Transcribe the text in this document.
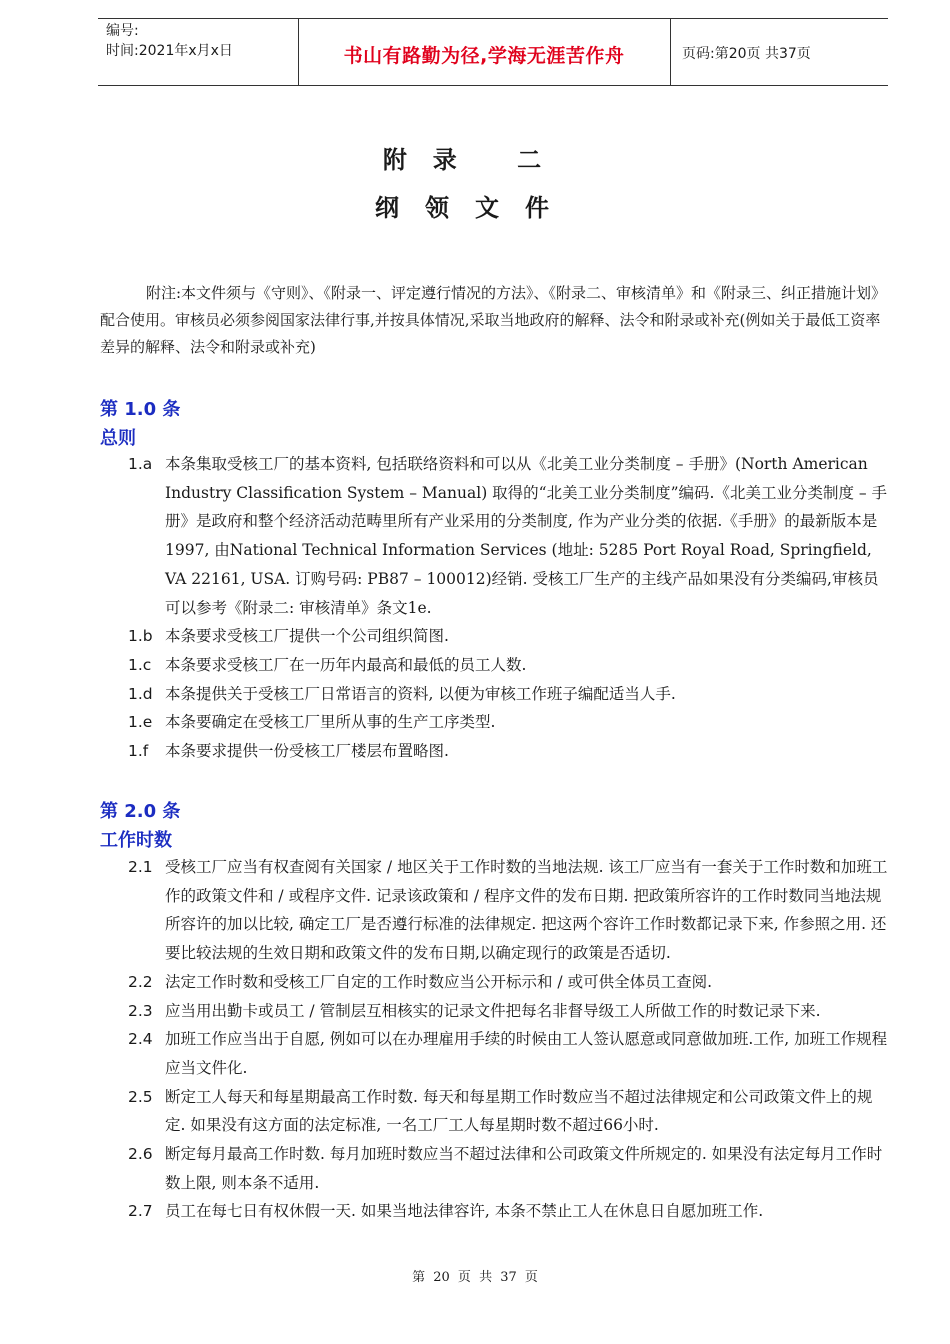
编号:
时间:2021年x月x日	书山有路勤为径,学海无涯苦作舟	页码:第20页 共37页
附录 二
纲领文件
附注:本文件须与《守则》、《附录一、评定遵行情况的方法》、《附录二、审核清单》和《附录三、纠正措施计划》配合使用。审核员必须参阅国家法律行事,并按具体情况,采取当地政府的解释、法令和附录或补充(例如关于最低工资率差异的解释、法令和附录或补充)
第 1.0 条
总则
1.a 本条集取受核工厂的基本资料, 包括联络资料和可以从《北美工业分类制度 – 手册》(North American Industry Classification System – Manual) 取得的“北美工业分类制度”编码.《北美工业分类制度 – 手册》是政府和整个经济活动范畴里所有产业采用的分类制度, 作为产业分类的依据.《手册》的最新版本是1997, 由National Technical Information Services (地址: 5285 Port Royal Road, Springfield, VA 22161, USA. 订购号码: PB87 – 100012)经销. 受核工厂生产的主线产品如果没有分类编码,审核员可以参考《附录二: 审核清单》条文1e.
1.b 本条要求受核工厂提供一个公司组织简图.
1.c 本条要求受核工厂在一历年内最高和最低的员工人数.
1.d 本条提供关于受核工厂日常语言的资料, 以便为审核工作班子编配适当人手.
1.e 本条要确定在受核工厂里所从事的生产工序类型.
1.f	本条要求提供一份受核工厂楼层布置略图.
第 2.0 条
工作时数
2.1 受核工厂应当有权查阅有关国家 / 地区关于工作时数的当地法规. 该工厂应当有一套关于工作时数和加班工作的政策文件和 / 或程序文件. 记录该政策和 / 程序文件的发布日期. 把政策所容许的工作时数同当地法规所容许的加以比较, 确定工厂是否遵行标准的法律规定. 把这两个容许工作时数都记录下来, 作参照之用. 还要比较法规的生效日期和政策文件的发布日期,以确定现行的政策是否适切.
2.2 法定工作时数和受核工厂自定的工作时数应当公开标示和 / 或可供全体员工查阅.
2.3 应当用出勤卡或员工 / 管制层互相核实的记录文件把每名非督导级工人所做工作的时数记录下来.
2.4 加班工作应当出于自愿, 例如可以在办理雇用手续的时候由工人签认愿意或同意做加班.工作, 加班工作规程应当文件化.
2.5 断定工人每天和每星期最高工作时数. 每天和每星期工作时数应当不超过法律规定和公司政策文件上的规定. 如果没有这方面的法定标准, 一名工厂工人每星期时数不超过66小时.
2.6 断定每月最高工作时数. 每月加班时数应当不超过法律和公司政策文件所规定的. 如果没有法定每月工作时数上限, 则本条不适用.
2.7 员工在每七日有权休假一天. 如果当地法律容许, 本条不禁止工人在休息日自愿加班工作.
第 20 页 共 37 页
